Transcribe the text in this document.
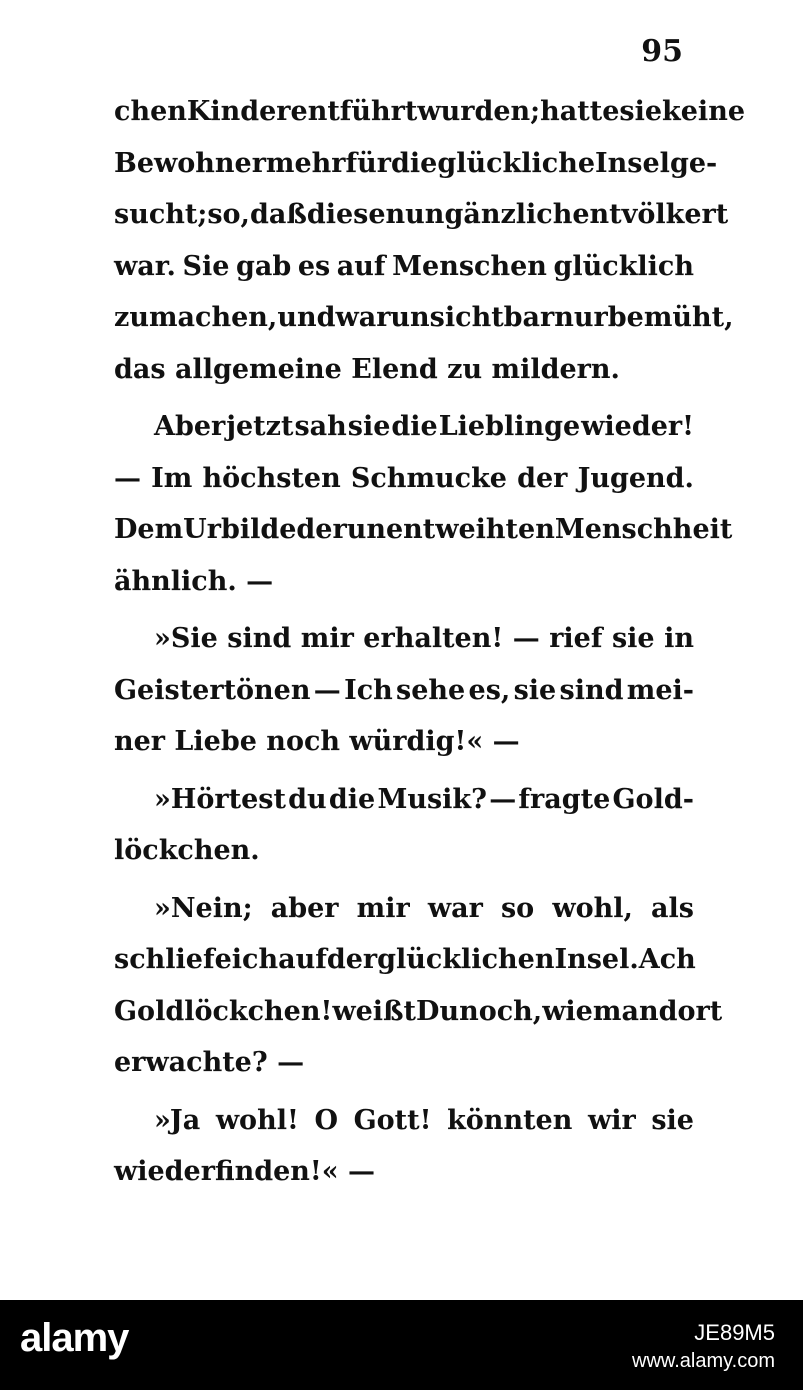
95
chen Kinder entführt wurden; hatte sie keine
Bewohner mehr für die glückliche Insel ge-
sucht; so, daß diese nun gänzlich entvölkert
war. Sie gab es auf Menschen glücklich
zu machen, und war unsichtbar nur bemüht,
das allgemeine Elend zu mildern.
Aber jetzt sah sie die Lieblinge wieder!
— Im höchsten Schmucke der Jugend.
Dem Urbilde der unentweihten Menschheit
ähnlich. —
»Sie sind mir erhalten! — rief sie in
Geistertönen — Ich sehe es, sie sind mei-
ner Liebe noch würdig!« —
»Hörtest du die Musik? — fragte Gold-
löckchen.
»Nein; aber mir war so wohl, als
schliefe ich auf der glücklichen Insel. Ach
Goldlöckchen! weißt Du noch, wie man dort
erwachte? —
»Ja wohl! O Gott! könnten wir sie
wiederfinden!« —
alamy	JE89M5
www.alamy.com
